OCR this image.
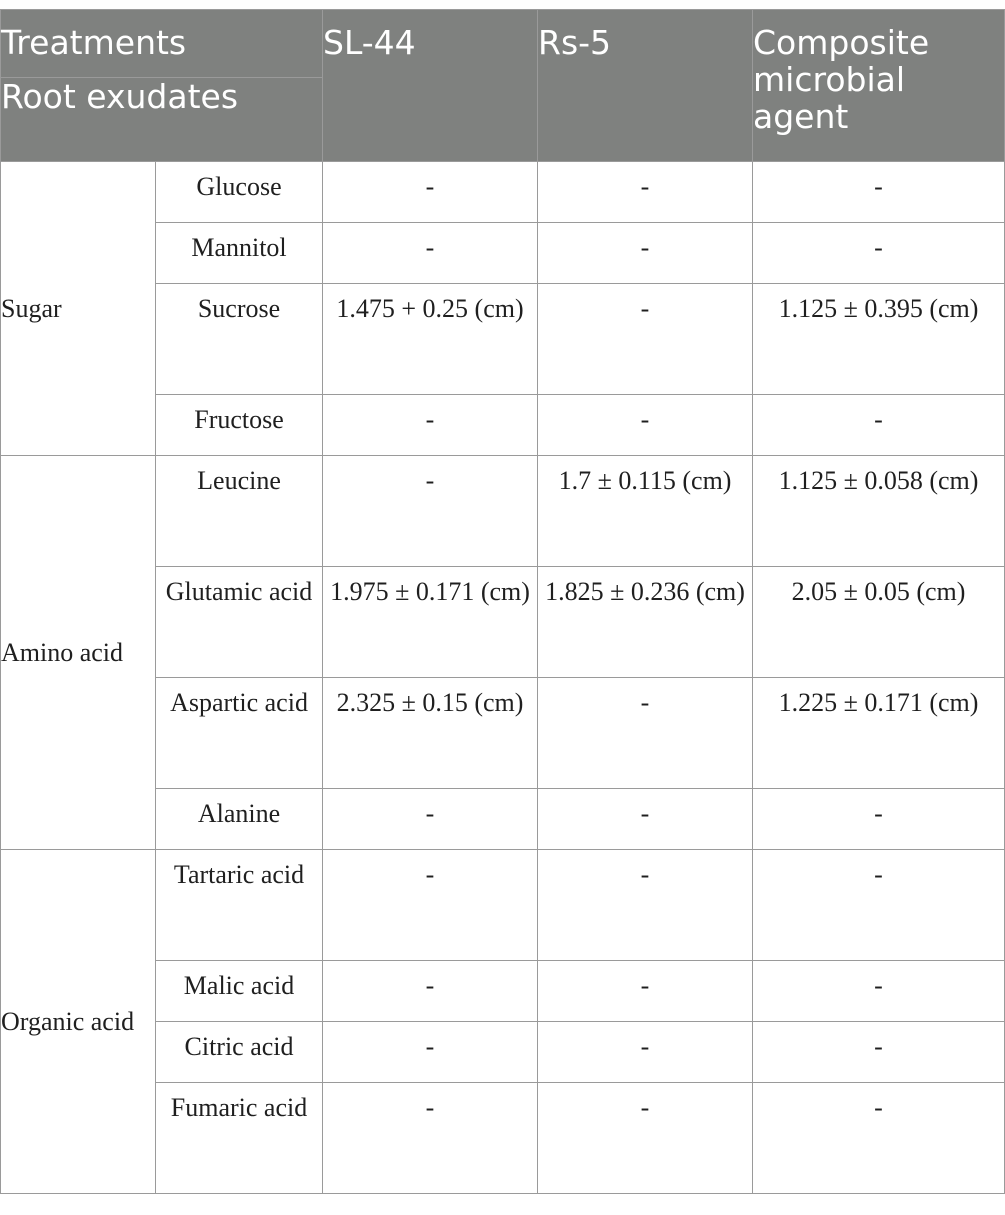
Treatments		SL-44	Rs-5	Composite microbial agent
Root exudates				
Sugar	Glucose	-	-	-
	Mannitol	-	-	-
	Sucrose	1.475 + 0.25 (cm)	-	1.125 ± 0.395 (cm)
	Fructose	-	-	-
Amino acid	Leucine	-	1.7 ± 0.115 (cm)	1.125 ± 0.058 (cm)
	Glutamic acid	1.975 ± 0.171 (cm)	1.825 ± 0.236 (cm)	2.05 ± 0.05 (cm)
	Aspartic acid	2.325 ± 0.15 (cm)	-	1.225 ± 0.171 (cm)
	Alanine	-	-	-
Organic acid	Tartaric acid	-	-	-
	Malic acid	-	-	-
	Citric acid	-	-	-
	Fumaric acid	-	-	-
